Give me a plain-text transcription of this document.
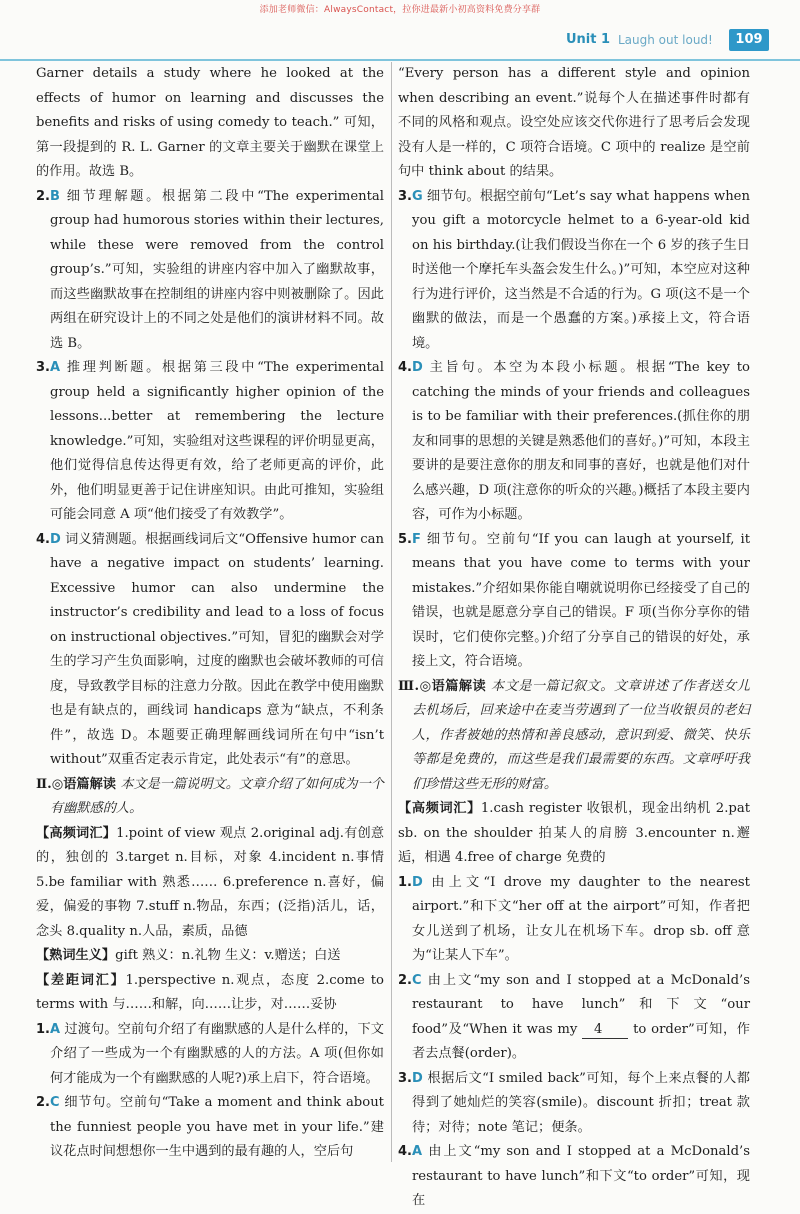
添加老师微信：AlwaysContact，拉你进最新小初高资料免费分享群
Unit 1 Laugh out loud!	109

Garner details a study where he looked at the effects of humor on learning and discusses the benefits and risks of using comedy to teach.” 可知，第一段提到的 R. L. Garner 的文章主要关于幽默在课堂上的作用。故选 B。

2.B 细节理解题。根据第二段中“The experimental group had humorous stories within their lectures, while these were removed from the control group’s.”可知，实验组的讲座内容中加入了幽默故事，而这些幽默故事在控制组的讲座内容中则被删除了。因此两组在研究设计上的不同之处是他们的演讲材料不同。故选 B。

3.A 推理判断题。根据第三段中“The experimental group held a significantly higher opinion of the lessons...better at remembering the lecture knowledge.”可知，实验组对这些课程的评价明显更高，他们觉得信息传达得更有效，给了老师更高的评价，此外，他们明显更善于记住讲座知识。由此可推知，实验组可能会同意 A 项“他们接受了有效教学”。

4.D 词义猜测题。根据画线词后文“Offensive humor can have a negative impact on students’ learning. Excessive humor can also undermine the instructor’s credibility and lead to a loss of focus on instructional objectives.”可知，冒犯的幽默会对学生的学习产生负面影响，过度的幽默也会破坏教师的可信度，导致教学目标的注意力分散。因此在教学中使用幽默也是有缺点的，画线词 handicaps 意为“缺点，不利条件”，故选 D。本题要正确理解画线词所在句中“isn’t without”双重否定表示肯定，此处表示“有”的意思。

Ⅱ.◎语篇解读 本文是一篇说明文。文章介绍了如何成为一个有幽默感的人。

【高频词汇】1.point of view 观点 2.original adj.有创意的，独创的 3.target n.目标，对象 4.incident n.事情 5.be familiar with 熟悉…… 6.preference n.喜好，偏爱，偏爱的事物 7.stuff n.物品，东西；(泛指)活儿，话，念头 8.quality n.人品，素质，品德

【熟词生义】gift 熟义：n.礼物 生义：v.赠送；白送

【差距词汇】1.perspective n.观点，态度 2.come to terms with 与……和解，向……让步，对……妥协

1.A 过渡句。空前句介绍了有幽默感的人是什么样的，下文介绍了一些成为一个有幽默感的人的方法。A 项(但你如何才能成为一个有幽默感的人呢?)承上启下，符合语境。

2.C 细节句。空前句“Take a moment and think about the funniest people you have met in your life.”建议花点时间想想你一生中遇到的最有趣的人，空后句

“Every person has a different style and opinion when describing an event.”说每个人在描述事件时都有不同的风格和观点。设空处应该交代你进行了思考后会发现没有人是一样的，C 项符合语境。C 项中的 realize 是空前句中 think about 的结果。

3.G 细节句。根据空前句“Let’s say what happens when you gift a motorcycle helmet to a 6-year-old kid on his birthday.(让我们假设当你在一个 6 岁的孩子生日时送他一个摩托车头盔会发生什么。)”可知，本空应对这种行为进行评价，这当然是不合适的行为。G 项(这不是一个幽默的做法，而是一个愚蠢的方案。)承接上文，符合语境。

4.D 主旨句。本空为本段小标题。根据“The key to catching the minds of your friends and colleagues is to be familiar with their preferences.(抓住你的朋友和同事的思想的关键是熟悉他们的喜好。)”可知，本段主要讲的是要注意你的朋友和同事的喜好，也就是他们对什么感兴趣，D 项(注意你的听众的兴趣。)概括了本段主要内容，可作为小标题。

5.F 细节句。空前句“If you can laugh at yourself, it means that you have come to terms with your mistakes.”介绍如果你能自嘲就说明你已经接受了自己的错误，也就是愿意分享自己的错误。F 项(当你分享你的错误时，它们使你完整。)介绍了分享自己的错误的好处，承接上文，符合语境。

Ⅲ.◎语篇解读 本文是一篇记叙文。文章讲述了作者送女儿去机场后，回来途中在麦当劳遇到了一位当收银员的老妇人，作者被她的热情和善良感动，意识到爱、微笑、快乐等都是免费的，而这些是我们最需要的东西。文章呼吁我们珍惜这些无形的财富。

【高频词汇】1.cash register 收银机，现金出纳机 2.pat sb. on the shoulder 拍某人的肩膀 3.encounter n.邂逅，相遇 4.free of charge 免费的

1.D 由上文“I drove my daughter to the nearest airport.”和下文“her off at the airport”可知，作者把女儿送到了机场，让女儿在机场下车。drop sb. off 意为“让某人下车”。

2.C 由上文“my son and I stopped at a McDonald’s restaurant to have lunch”和下文“our food”及“When it was my 4 to order”可知，作者去点餐(order)。

3.D 根据后文“I smiled back”可知，每个上来点餐的人都得到了她灿烂的笑容(smile)。discount 折扣；treat 款待；对待；note 笔记；便条。

4.A 由上文“my son and I stopped at a McDonald’s restaurant to have lunch”和下文“to order”可知，现在
